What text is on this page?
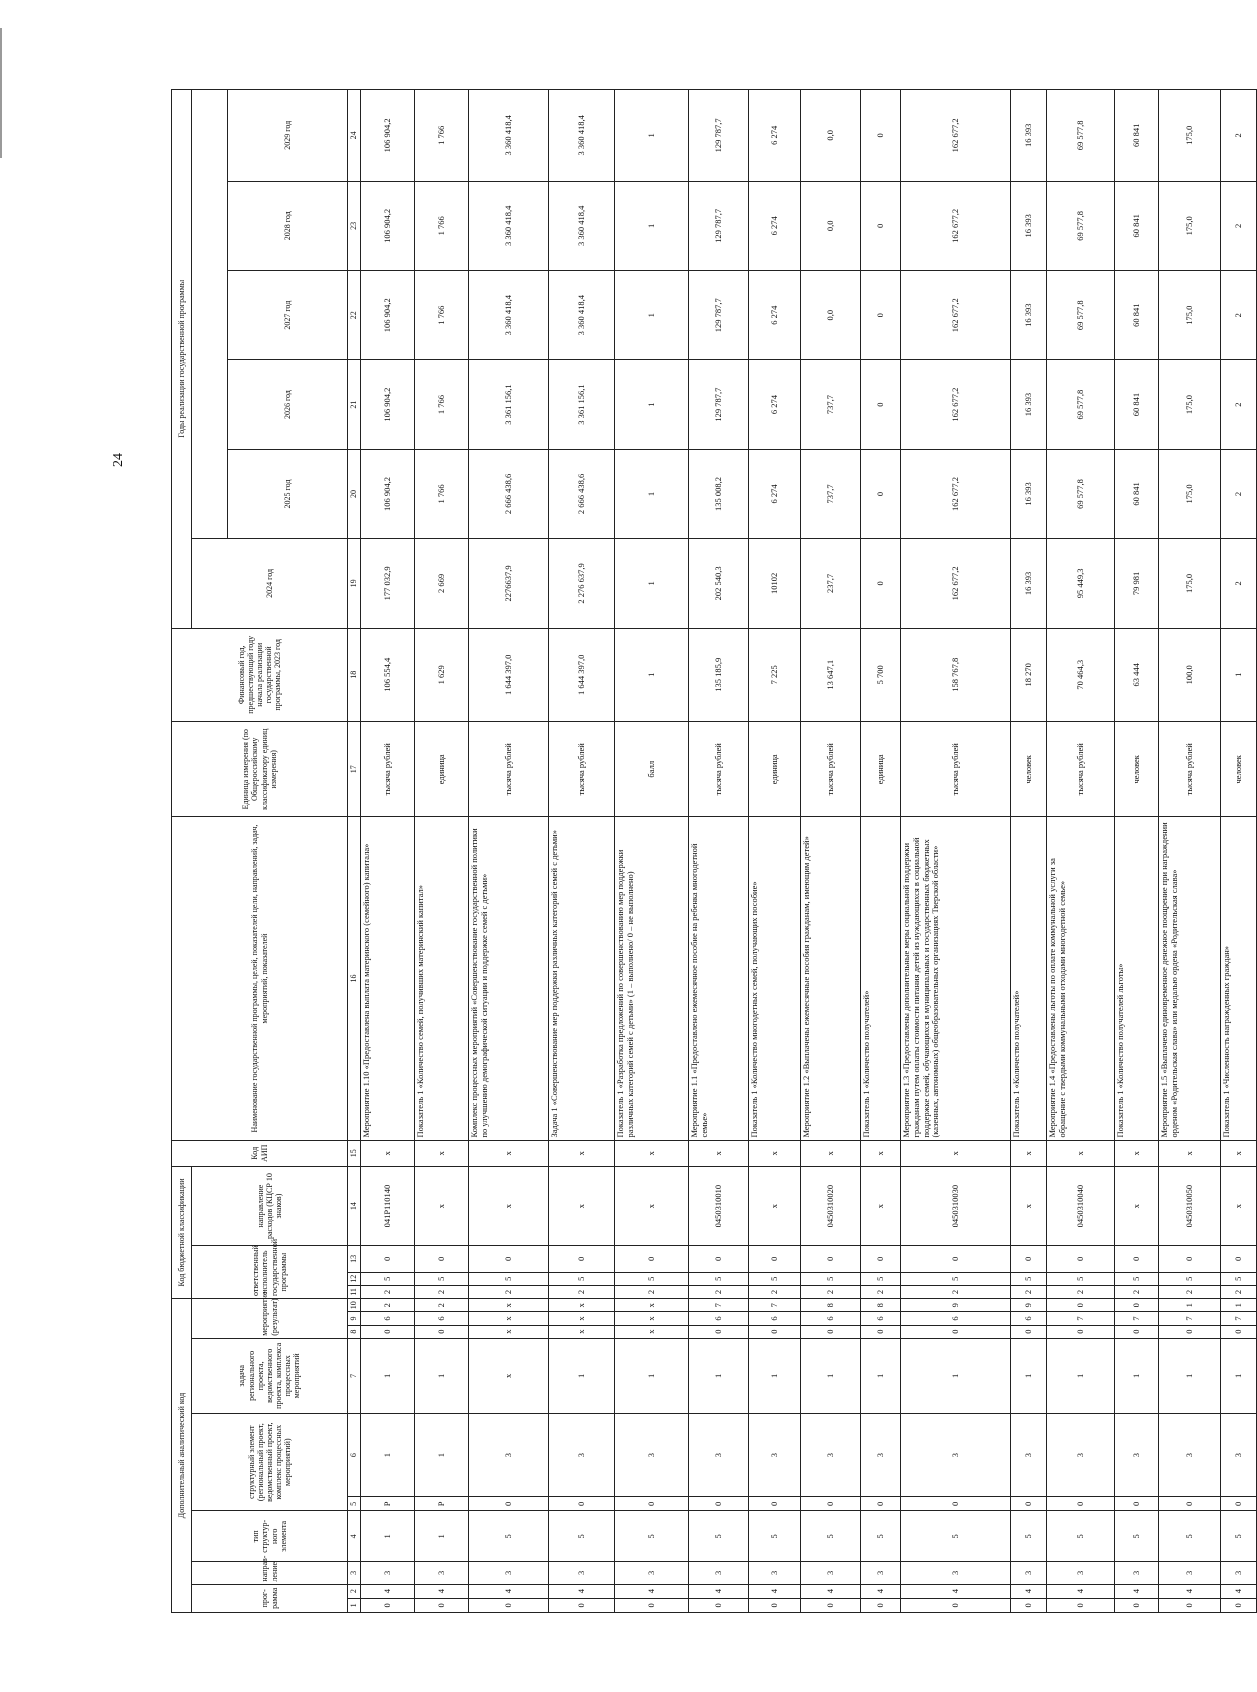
24
Дополнительный аналитический код										Код бюджетной классификации				Код АИП	Наименование государственной программы, целей, показателей цели, направлений, задач, мероприятий, показателей	Единица измерения (по Общероссийскому классификатору единиц измерения)	Финансовый год, предшествующий году начала реализации государственной программы, 2023 год	Годы реализации государственной программы					
прог-рамма		направ-ление	тип структур-ного элемента	структурный элемент (региональный проект, ведомственный проект, комплекс процессных мероприятий)		задача регионального проекта, ведомственного проекта, комплекса процессных мероприятий	мероприятие (результат)			ответственный исполнитель государственной программы			направление расходов (КЦСР 10 знаков)					2024 год					
																			2025 год	2026 год	2027 год	2028 год	2029 год
1	2	3	4	5	6	7	8	9	10	11	12	13	14	15	16	17	18	19	20	21	22	23	24
0	4	3	1	Р	1	1	0	6	2	2	5	0	041Р110140	х	Мероприятие 1.10 «Предоставлена выплата материнского (семейного) капитала»	тысяча рублей	106 554,4	177 032,9	106 904,2	106 904,2	106 904,2	106 904,2	106 904,2
0	4	3	1	Р	1	1	0	6	2	2	5	0	х	х	Показатель 1 «Количество семей, получивших материнский капитал»	единица	1 629	2 669	1 766	1 766	1 766	1 766	1 766
0	4	3	5	0	3	х	х	х	х	2	5	0	х	х	Комплекс процессных мероприятий «Совершенствование государственной политики по улучшению демографической ситуации и поддержке семей с детьми»	тысяча рублей	1 644 397,0	2276637,9	2 666 438,6	3 361 156,1	3 360 418,4	3 360 418,4	3 360 418,4
0	4	3	5	0	3	1	х	х	х	2	5	0	х	х	Задача 1 «Совершенствование мер поддержки различных категорий семей с детьми»	тысяча рублей	1 644 397,0	2 276 637,9	2 666 438,6	3 361 156,1	3 360 418,4	3 360 418,4	3 360 418,4
0	4	3	5	0	3	1	х	х	х	2	5	0	х	х	Показатель 1 «Разработка предложений по совершенствованию мер поддержки различных категорий семей с детьми» (1 – выполнено/ 0 – не выполнено)	балл	1	1	1	1	1	1	1
0	4	3	5	0	3	1	0	6	7	2	5	0	0450310010	х	Мероприятие 1.1 «Предоставлено ежемесячное пособие на ребенка многодетной семье»	тысяча рублей	135 185,9	202 540,3	135 008,2	129 787,7	129 787,7	129 787,7	129 787,7
0	4	3	5	0	3	1	0	6	7	2	5	0	х	х	Показатель 1 «Количество многодетных семей, получающих пособие»	единица	7 225	10102	6 274	6 274	6 274	6 274	6 274
0	4	3	5	0	3	1	0	6	8	2	5	0	0450310020	х	Мероприятие 1.2 «Выплачены ежемесячные пособия гражданам, имеющим детей»	тысяча рублей	13 647,1	237,7	737,7	737,7	0,0	0,0	0,0
0	4	3	5	0	3	1	0	6	8	2	5	0	х	х	Показатель 1 «Количество получателей»	единица	5 700	0	0	0	0	0	0
0	4	3	5	0	3	1	0	6	9	2	5	0	0450310030	х	Мероприятие 1.3 «Предоставлены дополнительные меры социальной поддержки гражданам путем оплаты стоимости питания детей из нуждающихся в социальной поддержке семей, обучающихся в муниципальных и государственных бюджетных (казенных, автономных) общеобразовательных организациях Тверской области»	тысяча рублей	158 767,8	162 677,2	162 677,2	162 677,2	162 677,2	162 677,2	162 677,2
0	4	3	5	0	3	1	0	6	9	2	5	0	х	х	Показатель 1 «Количество получателей»	человек	18 270	16 393	16 393	16 393	16 393	16 393	16 393
0	4	3	5	0	3	1	0	7	0	2	5	0	0450310040	х	Мероприятие 1.4 «Предоставлены льготы по оплате коммунальной услуги за обращение с твердыми коммунальными отходами многодетной семье»	тысяча рублей	70 464,3	95 449,3	69 577,8	69 577,8	69 577,8	69 577,8	69 577,8
0	4	3	5	0	3	1	0	7	0	2	5	0	х	х	Показатель 1 «Количество получателей льготы»	человек	63 444	79 981	60 841	60 841	60 841	60 841	60 841
0	4	3	5	0	3	1	0	7	1	2	5	0	0450310050	х	Мероприятие 1.5 «Выплачено единовременное денежное поощрение при награждении орденом «Родительская слава» или медалью ордена «Родительская слава»	тысяча рублей	100,0	175,0	175,0	175,0	175,0	175,0	175,0
0	4	3	5	0	3	1	0	7	1	2	5	0	х	х	Показатель 1 «Численность награжденных граждан»	человек	1	2	2	2	2	2	2
